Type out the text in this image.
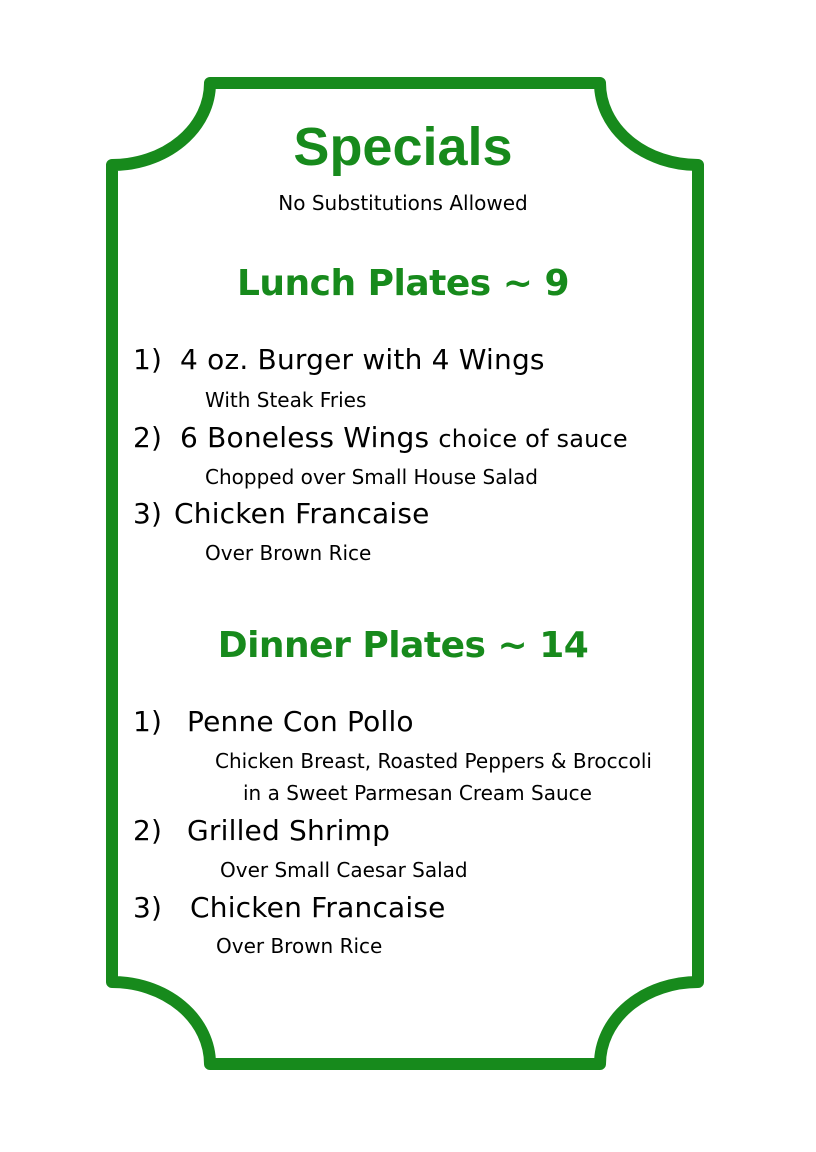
Specials

No Substitutions Allowed

Lunch Plates ~ 9
1) 4 oz. Burger with 4 Wings
With Steak Fries
2) 6 Boneless Wings choice of sauce
Chopped over Small House Salad
3) Chicken Francaise
Over Brown Rice
Dinner Plates ~ 14
1) Penne Con Pollo
Chicken Breast, Roasted Peppers & Broccoli
in a Sweet Parmesan Cream Sauce
2) Grilled Shrimp
Over Small Caesar Salad
3) Chicken Francaise
Over Brown Rice
